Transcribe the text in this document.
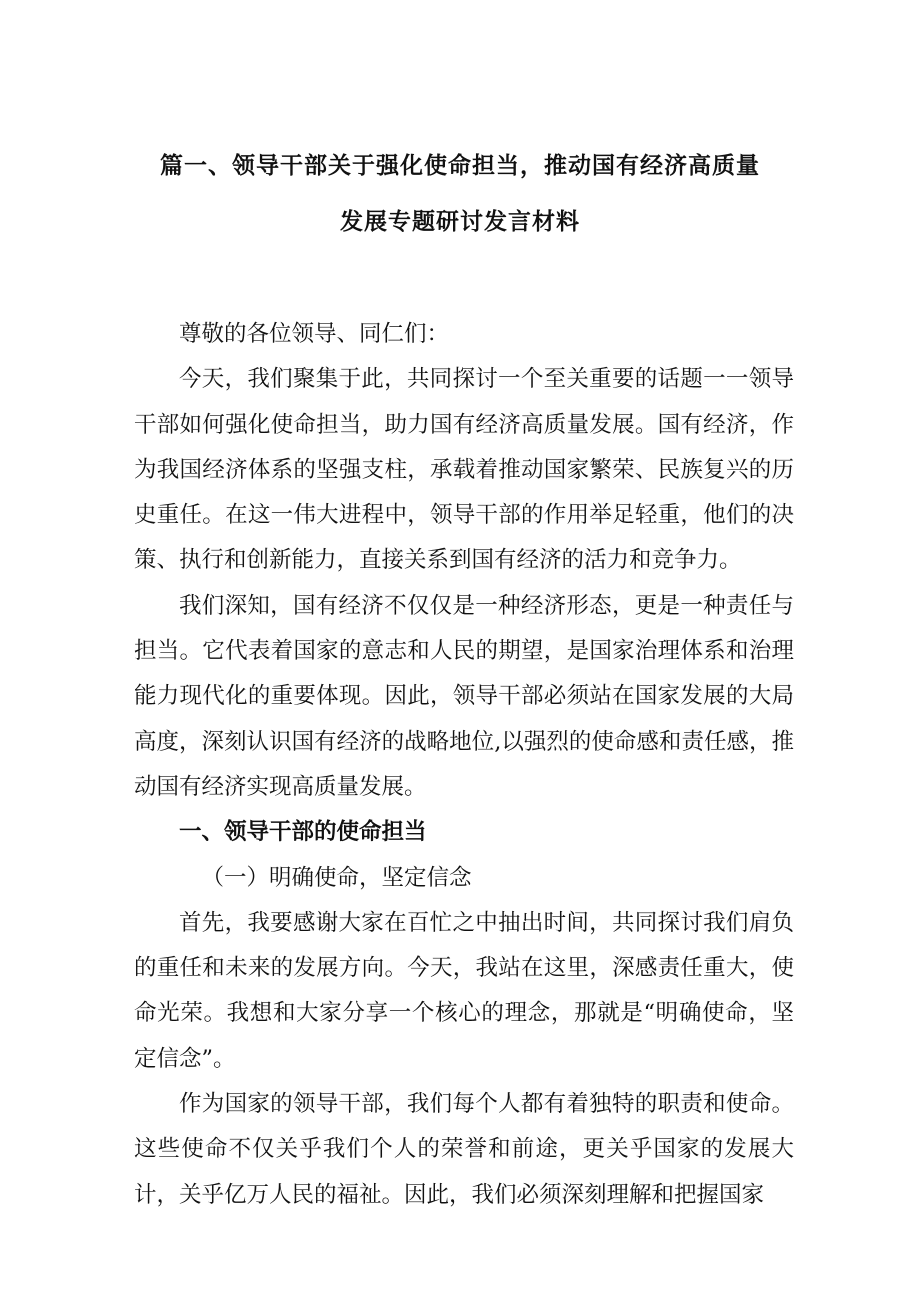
篇一、领导干部关于强化使命担当，推动国有经济高质量
发展专题研讨发言材料

尊敬的各位领导、同仁们：

今天，我们聚集于此，共同探讨一个至关重要的话题一一领导干部如何强化使命担当，助力国有经济高质量发展。国有经济，作为我国经济体系的坚强支柱，承载着推动国家繁荣、民族复兴的历史重任。在这一伟大进程中，领导干部的作用举足轻重，他们的决策、执行和创新能力，直接关系到国有经济的活力和竞争力。

我们深知，国有经济不仅仅是一种经济形态，更是一种责任与担当。它代表着国家的意志和人民的期望，是国家治理体系和治理能力现代化的重要体现。因此，领导干部必须站在国家发展的大局高度，深刻认识国有经济的战略地位,以强烈的使命感和责任感，推动国有经济实现高质量发展。

一、领导干部的使命担当

（一）明确使命，坚定信念

首先，我要感谢大家在百忙之中抽出时间，共同探讨我们肩负的重任和未来的发展方向。今天，我站在这里，深感责任重大，使命光荣。我想和大家分享一个核心的理念，那就是“明确使命，坚定信念”。

作为国家的领导干部，我们每个人都有着独特的职责和使命。这些使命不仅关乎我们个人的荣誉和前途，更关乎国家的发展大计，关乎亿万人民的福祉。因此，我们必须深刻理解和把握国家
